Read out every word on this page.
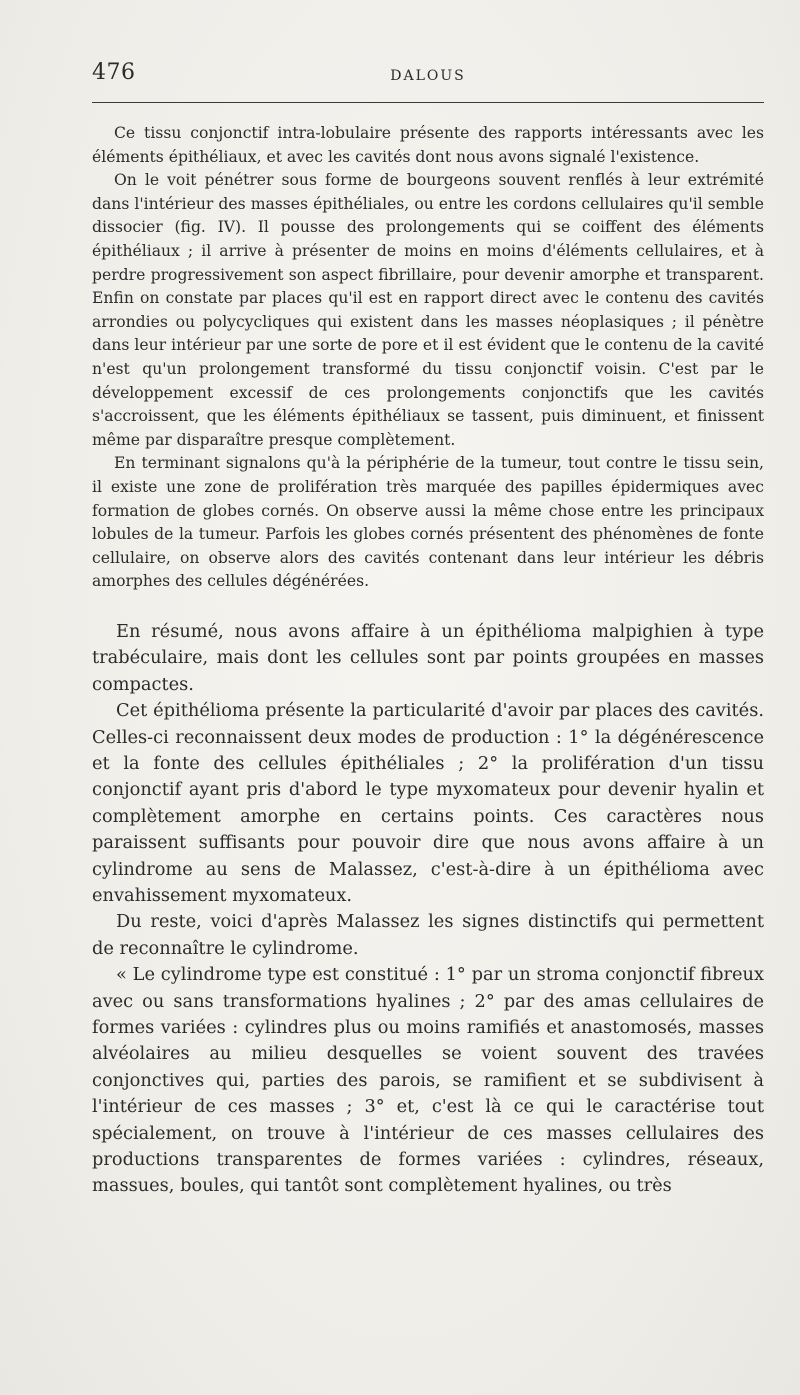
476	DALOUS

Ce tissu conjonctif intra-lobulaire présente des rapports intéressants avec les éléments épithéliaux, et avec les cavités dont nous avons signalé l'existence.

On le voit pénétrer sous forme de bourgeons souvent renflés à leur extrémité dans l'intérieur des masses épithéliales, ou entre les cordons cellulaires qu'il semble dissocier (fig. IV). Il pousse des prolongements qui se coiffent des éléments épithéliaux ; il arrive à présenter de moins en moins d'éléments cellulaires, et à perdre progressivement son aspect fibrillaire, pour devenir amorphe et transparent. Enfin on constate par places qu'il est en rapport direct avec le contenu des cavités arrondies ou polycycliques qui existent dans les masses néoplasiques ; il pénètre dans leur intérieur par une sorte de pore et il est évident que le contenu de la cavité n'est qu'un prolongement transformé du tissu conjonctif voisin. C'est par le développement excessif de ces prolongements conjonctifs que les cavités s'accroissent, que les éléments épithéliaux se tassent, puis diminuent, et finissent même par disparaître presque complètement.

En terminant signalons qu'à la périphérie de la tumeur, tout contre le tissu sein, il existe une zone de prolifération très marquée des papilles épidermiques avec formation de globes cornés. On observe aussi la même chose entre les principaux lobules de la tumeur. Parfois les globes cornés présentent des phénomènes de fonte cellulaire, on observe alors des cavités contenant dans leur intérieur les débris amorphes des cellules dégénérées.

En résumé, nous avons affaire à un épithélioma malpighien à type trabéculaire, mais dont les cellules sont par points groupées en masses compactes.

Cet épithélioma présente la particularité d'avoir par places des cavités. Celles-ci reconnaissent deux modes de production : 1° la dégénérescence et la fonte des cellules épithéliales ; 2° la prolifération d'un tissu conjonctif ayant pris d'abord le type myxomateux pour devenir hyalin et complètement amorphe en certains points. Ces caractères nous paraissent suffisants pour pouvoir dire que nous avons affaire à un cylindrome au sens de Malassez, c'est-à-dire à un épithélioma avec envahissement myxomateux.

Du reste, voici d'après Malassez les signes distinctifs qui permettent de reconnaître le cylindrome.

« Le cylindrome type est constitué : 1° par un stroma conjonctif fibreux avec ou sans transformations hyalines ; 2° par des amas cellulaires de formes variées : cylindres plus ou moins ramifiés et anastomosés, masses alvéolaires au milieu desquelles se voient souvent des travées conjonctives qui, parties des parois, se ramifient et se subdivisent à l'intérieur de ces masses ; 3° et, c'est là ce qui le caractérise tout spécialement, on trouve à l'intérieur de ces masses cellulaires des productions transparentes de formes variées : cylindres, réseaux, massues, boules, qui tantôt sont complètement hyalines, ou très
